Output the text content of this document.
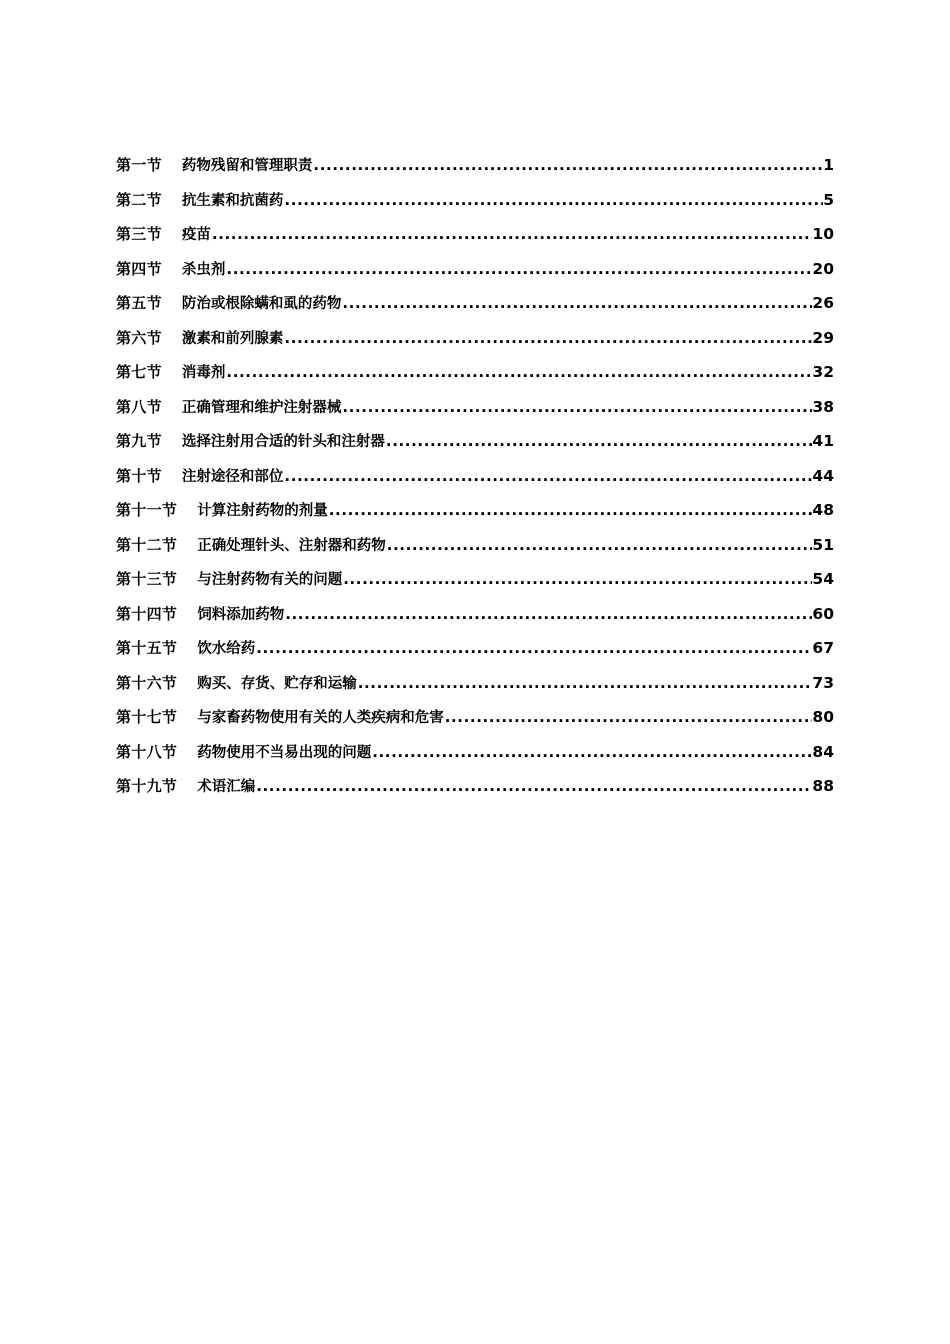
第一节 药物残留和管理职责 .....	1
第二节 抗生素和抗菌药 .....	5
第三节 疫苗 .....	10
第四节 杀虫剂 .....	20
第五节 防治或根除螨和虱的药物 .....	26
第六节 激素和前列腺素 .....	29
第七节 消毒剂 .....	32
第八节 正确管理和维护注射器械 .....	38
第九节 选择注射用合适的针头和注射器 .....	41
第十节 注射途径和部位 .....	44
第十一节 计算注射药物的剂量 .....	48
第十二节 正确处理针头、注射器和药物 .....	51
第十三节 与注射药物有关的问题 .....	54
第十四节 饲料添加药物 .....	60
第十五节 饮水给药 .....	67
第十六节 购买、存货、贮存和运输 .....	73
第十七节 与家畜药物使用有关的人类疾病和危害 .....	80
第十八节 药物使用不当易出现的问题 .....	84
第十九节 术语汇编 .....	88
